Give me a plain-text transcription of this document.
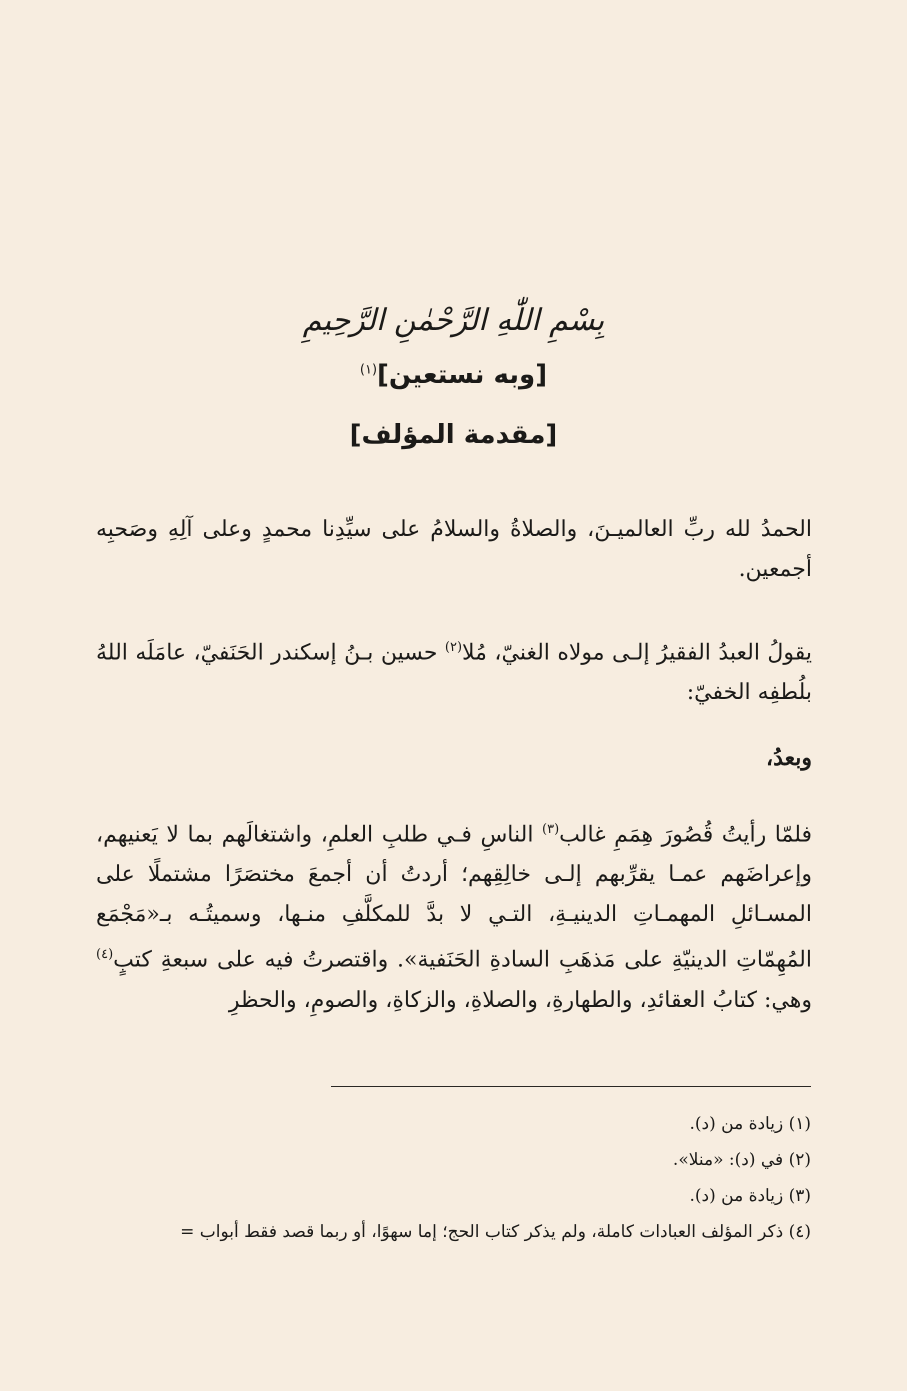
بِسْمِ اللّٰهِ الرَّحْمٰنِ الرَّحِيمِ
[وبه نستعين]$^{(١)}$
[مقدمة المؤلف]
الحمدُ لله ربِّ العالميـنَ، والصلاةُ والسلامُ على سيِّدِنا محمدٍ وعلى آلِهِ وصَحبِه أجمعين.
يقولُ العبدُ الفقيرُ إلـى مولاه الغنيّ، مُلا$^{(٢)}$ حسين بـنُ إسكندر الحَنَفيّ، عامَلَه اللهُ بلُطفِه الخفيّ:
وبعدُ،
فلمّا رأيتُ قُصُورَ هِمَمِ غالب$^{(٣)}$ الناسِ فـي طلبِ العلمِ، واشتغالَهم بما لا يَعنيهم، وإعراضَهم عمـا يقرِّبهم إلـى خالِقِهم؛ أردتُ أن أجمعَ مختصَرًا مشتملًا على المسـائلِ المهمـاتِ الدينيـةِ، التـي لا بدَّ للمكلَّفِ منـها، وسميتُـه بـ«مَجْمَع المُهِمّاتِ الدينيّةِ على مَذهَبِ السادةِ الحَنَفية». واقتصرتُ فيه على سبعةِ كتبٍ$^{(٤)}$ وهي: كتابُ العقائدِ، والطهارةِ، والصلاةِ، والزكاةِ، والصومِ، والحظرِ
(١) زيادة من (د).
(٢) في (د): «منلا».
(٣) زيادة من (د).
(٤) ذكر المؤلف العبادات كاملة، ولم يذكر كتاب الحج؛ إما سهوًا، أو ربما قصد فقط أبواب =
